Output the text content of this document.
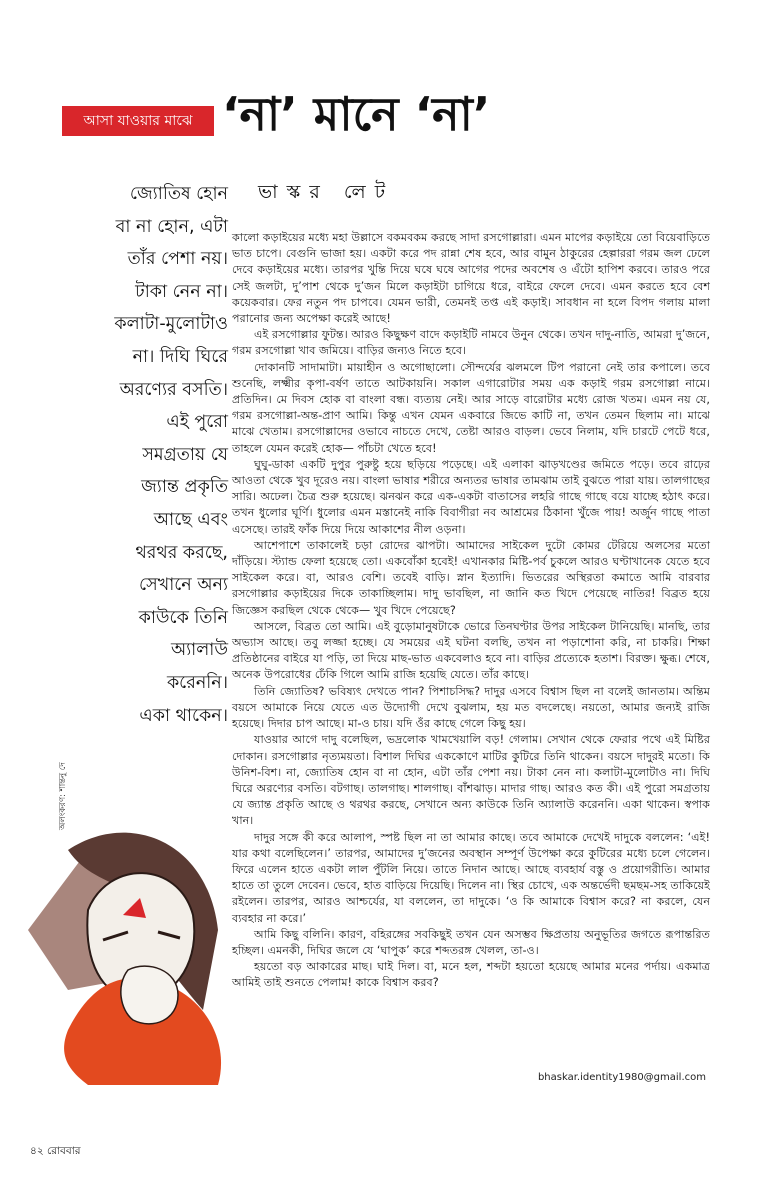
আসা যাওয়ার মাঝে ‘না’ মানে ‘না’
জ্যোতিষ হোন
বা না হোন, এটা
তাঁর পেশা নয়।
টাকা নেন না।
কলাটা-মুলোটাও
না। দিঘি ঘিরে
অরণ্যের বসতি।
এই পুরো
সমগ্রতায় যে
জ্যান্ত প্রকৃতি
আছে এবং
থরথর করছে,
সেখানে অন্য
কাউকে তিনি
অ্যালাউ
করেননি।
একা থাকেন।
ভাস্কর লেট

কালো কড়াইয়ের মধ্যে মহা উল্লাসে বকমবকম করছে সাদা রসগোল্লারা। এমন মাপের কড়াইয়ে তো বিয়েবাড়িতে ভাত চাপে। বেগুনি ভাজা হয়। একটা করে পদ রান্না শেষ হবে, আর বামুন ঠাকুরের হেল্পাররা গরম জল ঢেলে দেবে কড়াইয়ের মধ্যে। তারপর খুন্তি দিয়ে ঘষে ঘষে আগের পদের অবশেষ ও এঁটো হাপিশ করবে। তারও পরে সেই জলটা, দু’পাশ থেকে দু’জন মিলে কড়াইটা চাগিয়ে ধরে, বাইরে ফেলে দেবে। এমন করতে হবে বেশ কয়েকবার। ফের নতুন পদ চাপবে। যেমন ভারী, তেমনই তপ্ত এই কড়াই। সাবধান না হলে বিপদ গলায় মালা পরানোর জন্য অপেক্ষা করেই আছে!

এই রসগোল্লার ফুটন্ত। আরও কিছুক্ষণ বাদে কড়াইটি নামবে উনুন থেকে। তখন দাদু-নাতি, আমরা দু’জনে, গরম রসগোল্লা খাব জমিয়ে। বাড়ির জন্যও নিতে হবে।

দোকানটি সাদামাটা। মায়াহীন ও অগোছালো। সৌন্দর্যের ঝলমলে টিপ পরানো নেই তার কপালে। তবে শুনেছি, লক্ষ্মীর কৃপা-বর্ষণ তাতে আটকায়নি। সকাল এগারোটার সময় এক কড়াই গরম রসগোল্লা নামে। প্রতিদিন। মে দিবস হোক বা বাংলা বন্ধ। ব্যত্যয় নেই। আর সাড়ে বারোটার মধ্যে রোজ খতম। এমন নয় যে, গরম রসগোল্লা-অন্ত-প্রাণ আমি। কিন্তু এখন যেমন একবারে জিভে কাটি না, তখন তেমন ছিলাম না। মাঝে মাঝে খেতাম। রসগোল্লাদের ওভাবে নাচতে দেখে, তেষ্টা আরও বাড়ল। ভেবে নিলাম, যদি চারটে পেটে ধরে, তাহলে যেমন করেই হোক— পাঁচটা খেতে হবে!

ঘুঘু-ডাকা একটি দুপুর পুরুষ্টু হয়ে ছড়িয়ে পড়েছে। এই এলাকা ঝাড়খণ্ডের জমিতে পড়ে। তবে রাঢ়ের আওতা থেকে খুব দূরেও নয়। বাংলা ভাষার শরীরে অন্যতর ভাষার তামঝাম তাই বুঝতে পারা যায়। তালগাছের সারি। অঢেল। চৈত্র শুরু হয়েছে। ঝনঝন করে এক-একটা বাতাসের লহরি গাছে গাছে বয়ে যাচ্ছে হঠাৎ করে। তখন ধুলোর ঘূর্ণি। ধুলোর এমন মস্তানেই নাকি বিবাগীরা নব আশ্রমের ঠিকানা খুঁজে পায়! অর্জুন গাছে পাতা এসেছে। তারই ফাঁক দিয়ে দিয়ে আকাশের নীল ওড়না।

আশেপাশে তাকালেই চড়া রোদের ঝাপটা। আমাদের সাইকেল দুটো কোমর টেরিয়ে অলসের মতো দাঁড়িয়ে। স্ট্যান্ড ফেলা হয়েছে তো। একবোঁকা হবেই! এখানকার মিষ্টি-পর্ব চুকলে আরও ঘণ্টাখানেক যেতে হবে সাইকেল করে। বা, আরও বেশি। তবেই বাড়ি। স্নান ইত্যাদি। ভিতরের অস্থিরতা কমাতে আমি বারবার রসগোল্লার কড়াইয়ের দিকে তাকাচ্ছিলাম। দাদু ভাবছিল, না জানি কত খিদে পেয়েছে নাতির! বিব্রত হয়ে জিজ্ঞেস করছিল থেকে থেকে— খুব খিদে পেয়েছে?

আসলে, বিব্রত তো আমি। এই বুড়োমানুষটাকে ভোরে তিনঘণ্টার উপর সাইকেল টানিয়েছি। মানছি, তার অভ্যাস আছে। তবু লজ্জা হচ্ছে। যে সময়ের এই ঘটনা বলছি, তখন না পড়াশোনা করি, না চাকরি। শিক্ষা প্রতিষ্ঠানের বাইরে যা পড়ি, তা দিয়ে মাছ-ভাত একবেলাও হবে না। বাড়ির প্রত্যেকে হতাশ। বিরক্ত। ক্ষুব্ধ। শেষে, অনেক উপরোধের ঢেঁকি গিলে আমি রাজি হয়েছি যেতে। তাঁর কাছে।

তিনি জ্যোতিষ? ভবিষ্যৎ দেখতে পান? পিশাচসিদ্ধ? দাদুর এসবে বিশ্বাস ছিল না বলেই জানতাম। অন্তিম বয়সে আমাকে নিয়ে যেতে এত উদ্যোগী দেখে বুঝলাম, হয় মত বদলেছে। নয়তো, আমার জন্যই রাজি হয়েছে। দিদার চাপ আছে। মা-ও চায়। যদি ওঁর কাছে গেলে কিছু হয়।

যাওয়ার আগে দাদু বলেছিল, ভদ্রলোক খামখেয়ালি বড়! গেলাম। সেখান থেকে ফেরার পথে এই মিষ্টির দোকান। রসগোল্লার নৃত্যময়তা। বিশাল দিঘির এককোণে মাটির কুটিরে তিনি থাকেন। বয়সে দাদুরই মতো। কি উনিশ-বিশ। না, জ্যোতিষ হোন বা না হোন, এটা তাঁর পেশা নয়। টাকা নেন না। কলাটা-মুলোটাও না। দিঘি ঘিরে অরণ্যের বসতি। বটগাছ। তালগাছ। শালগাছ। বাঁশঝাড়। মাদার গাছ। আরও কত কী। এই পুরো সমগ্রতায় যে জ্যান্ত প্রকৃতি আছে ও থরথর করছে, সেখানে অন্য কাউকে তিনি অ্যালাউ করেননি। একা থাকেন। স্বপাক খান।

দাদুর সঙ্গে কী করে আলাপ, স্পষ্ট ছিল না তা আমার কাছে। তবে আমাকে দেখেই দাদুকে বললেন: ‘এই! যার কথা বলেছিলেন।’ তারপর, আমাদের দু’জনের অবস্থান সম্পূর্ণ উপেক্ষা করে কুটিরের মধ্যে চলে গেলেন। ফিরে এলেন হাতে একটা লাল পুঁটলি নিয়ে। তাতে নিদান আছে। আছে ব্যবহার্য বস্তু ও প্রয়োগরীতি। আমার হাতে তা তুলে দেবেন। ভেবে, হাত বাড়িয়ে দিয়েছি। দিলেন না। স্থির চোখে, এক অন্তর্ভেদী ছমছম-সহ তাকিয়েই রইলেন। তারপর, আরও আশ্চর্যের, যা বললেন, তা দাদুকে। ‘ও কি আমাকে বিশ্বাস করে? না করলে, যেন ব্যবহার না করে।’

আমি কিছু বলিনি। কারণ, বহিরঙ্গের সবকিছুই তখন যেন অসম্ভব ক্ষিপ্রতায় অনুভূতির জগতে রূপান্তরিত হচ্ছিল। এমনকী, দিঘির জলে যে ‘ঘাপুক’ করে শব্দতরঙ্গ খেলল, তা-ও।

হয়তো বড় আকারের মাছ। ঘাই দিল। বা, মনে হল, শব্দটা হয়তো হয়েছে আমার মনের পর্দায়। একমাত্র আমিই তাই শুনতে পেলাম! কাকে বিশ্বাস করব?

অলংকরণ: শান্তনু দে
bhaskar.identity1980@gmail.com
৪২ রোববার
